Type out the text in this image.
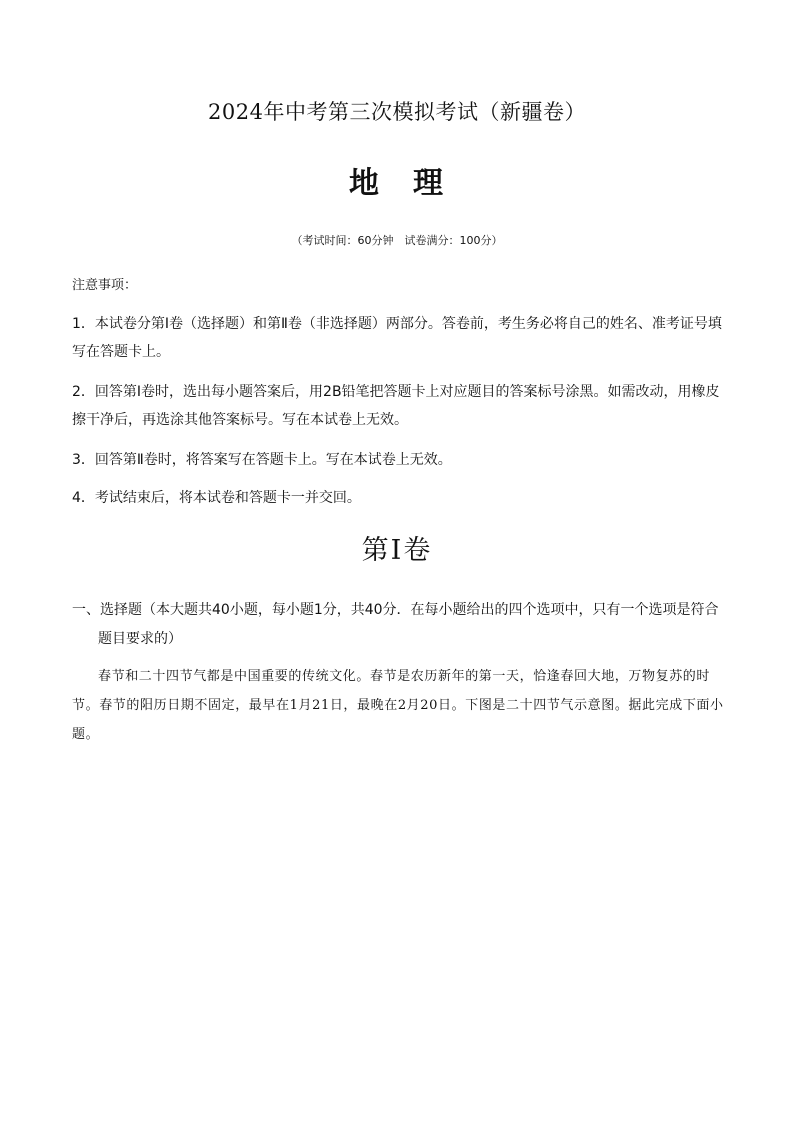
2024年中考第三次模拟考试（新疆卷）
地 理
（考试时间：60分钟　试卷满分：100分）
注意事项：
1．本试卷分第Ⅰ卷（选择题）和第Ⅱ卷（非选择题）两部分。答卷前，考生务必将自己的姓名、准考证号填写在答题卡上。
2．回答第Ⅰ卷时，选出每小题答案后，用2B铅笔把答题卡上对应题目的答案标号涂黑。如需改动，用橡皮擦干净后，再选涂其他答案标号。写在本试卷上无效。
3．回答第Ⅱ卷时，将答案写在答题卡上。写在本试卷上无效。
4．考试结束后，将本试卷和答题卡一并交回。
第Ⅰ卷
一、选择题（本大题共40小题，每小题1分，共40分．在每小题给出的四个选项中，只有一个选项是符合题目要求的）
春节和二十四节气都是中国重要的传统文化。春节是农历新年的第一天，恰逢春回大地，万物复苏的时节。春节的阳历日期不固定，最早在1月21日，最晚在2月20日。下图是二十四节气示意图。据此完成下面小题。
